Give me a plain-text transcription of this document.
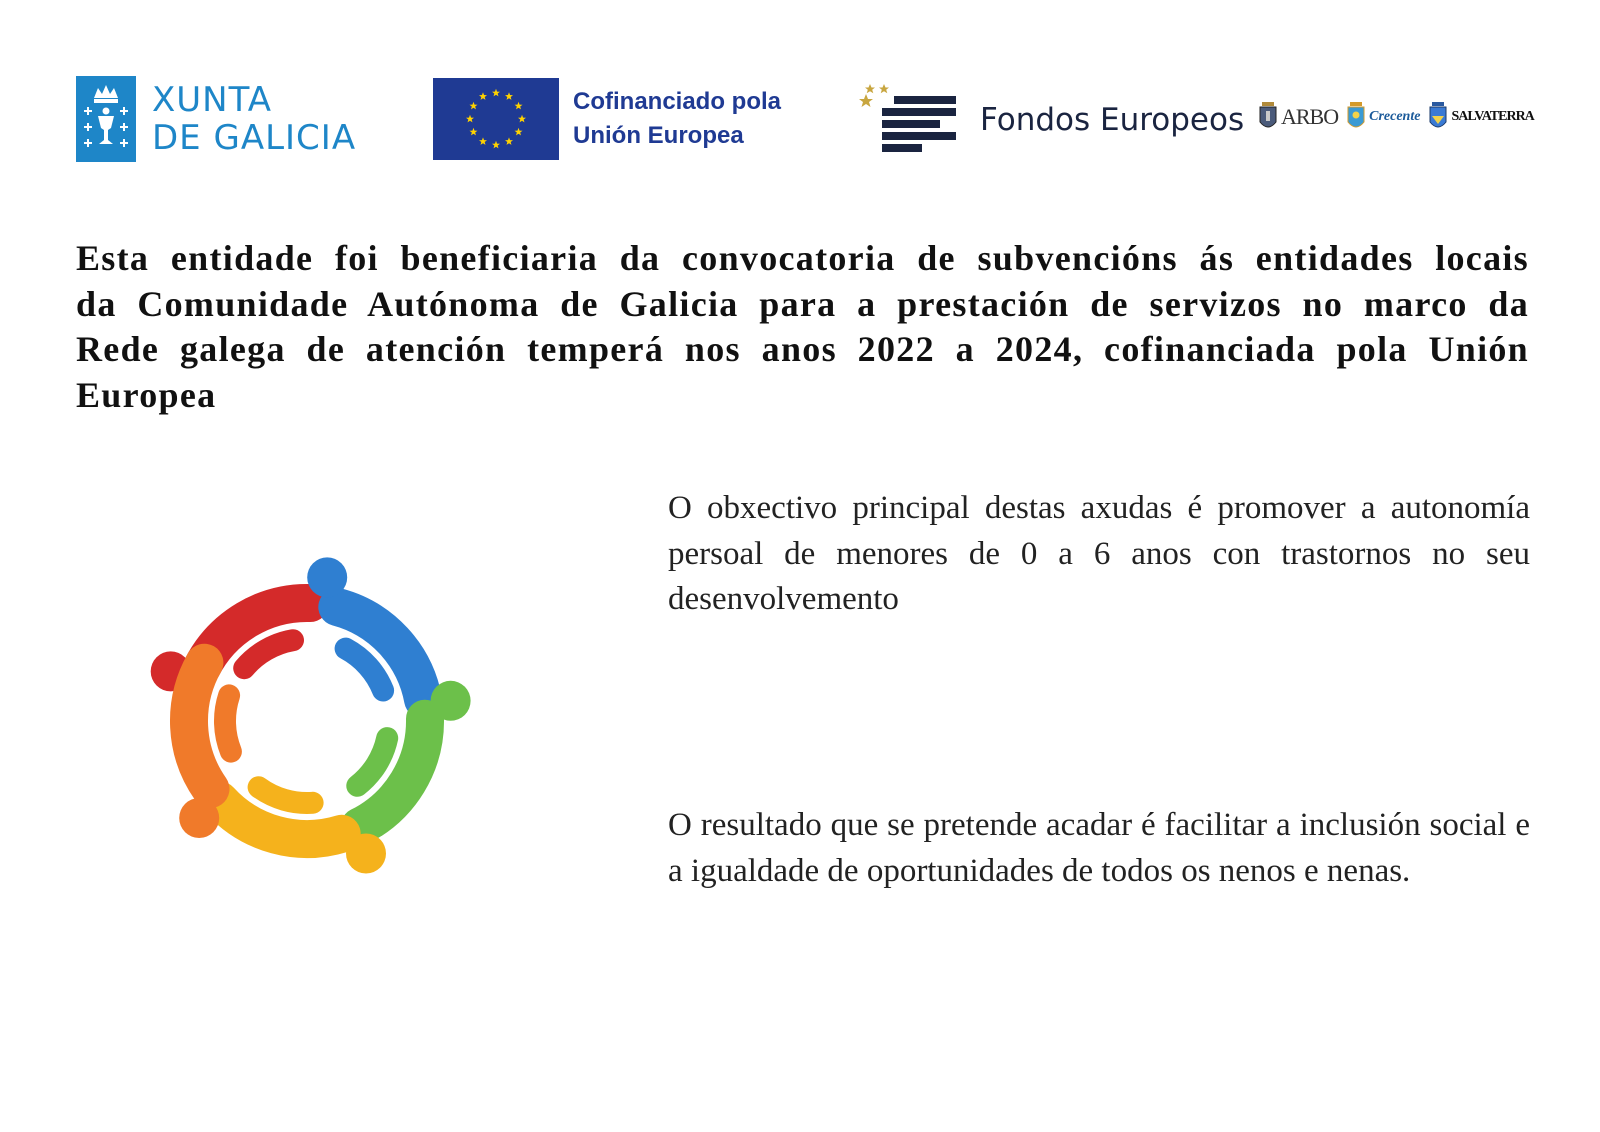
XUNTA
DE GALICIA
Cofinanciado pola
Unión Europea	Fondos Europeos ARBO Crecente SALVATERRA

Esta entidade foi beneficiaria da convocatoria de subvencións ás entidades locais da Comunidade Autónoma de Galicia para a prestación de servizos no marco da Rede galega de atención temperá nos anos 2022 a 2024, cofinanciada pola Unión Europea

O obxectivo principal destas axudas é promover a autonomía persoal de menores de 0 a 6 anos con trastornos no seu desenvolvemento

O resultado que se pretende acadar é facilitar a inclusión social e a igualdade de oportunidades de todos os nenos e nenas.
